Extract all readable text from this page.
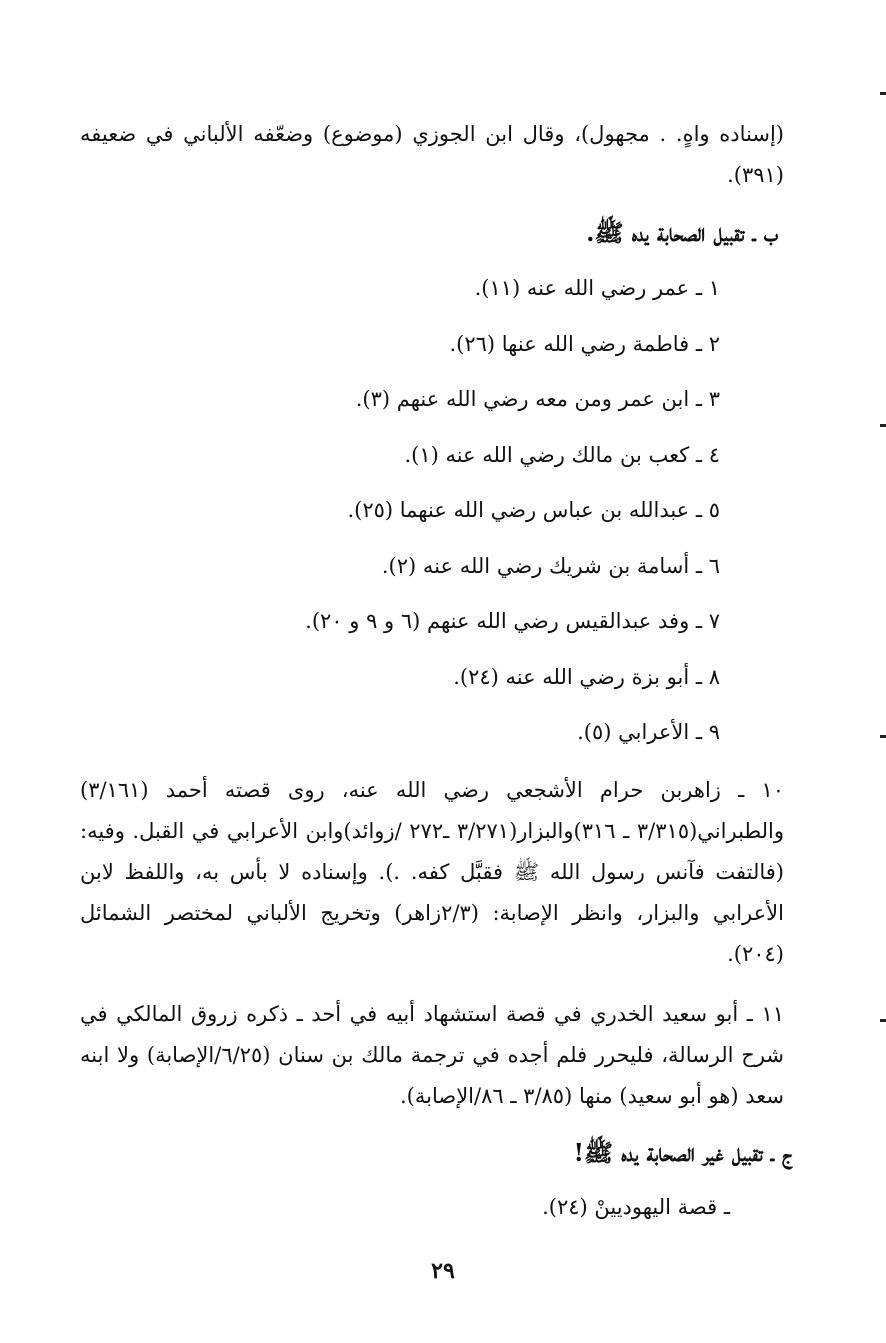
(إسناده واهٍ. . مجهول)، وقال ابن الجوزي (موضوع) وضعّفه الألباني في ضعيفه (٣٩١).
ب ـ تقبيل الصحابة يده ﷺ.
١ ـ عمر رضي الله عنه (١١).
٢ ـ فاطمة رضي الله عنها (٢٦).
٣ ـ ابن عمر ومن معه رضي الله عنهم (٣).
٤ ـ كعب بن مالك رضي الله عنه (١).
٥ ـ عبدالله بن عباس رضي الله عنهما (٢٥).
٦ ـ أسامة بن شريك رضي الله عنه (٢).
٧ ـ وفد عبدالقيس رضي الله عنهم (٦ و ٩ و ٢٠).
٨ ـ أبو بزة رضي الله عنه (٢٤).
٩ ـ الأعرابي (٥).
١٠ ـ زاهربن حرام الأشجعي رضي الله عنه، روى قصته أحمد (٣/١٦١) والطبراني(٣/٣١٥ ـ ٣١٦)والبزار(٣/٢٧١ ـ٢٧٢ /زوائد)وابن الأعرابي في القبل. وفيه: (فالتفت فآنس رسول الله ﷺ فقبَّل كفه. .). وإسناده لا بأس به، واللفظ لابن الأعرابي والبزار، وانظر الإصابة: (٢/٣زاهر) وتخريج الألباني لمختصر الشمائل (٢٠٤).
١١ ـ أبو سعيد الخدري في قصة استشهاد أبيه في أحد ـ ذكره زروق المالكي في شرح الرسالة، فليحرر فلم أجده في ترجمة مالك بن سنان (٦/٢٥/الإصابة) ولا ابنه سعد (هو أبو سعيد) منها (٣/٨٥ ـ ٨٦/الإصابة).
ج ـ تقبيل غير الصحابة يده ﷺ!
ـ قصة اليهوديينْ (٢٤).
٢٩
